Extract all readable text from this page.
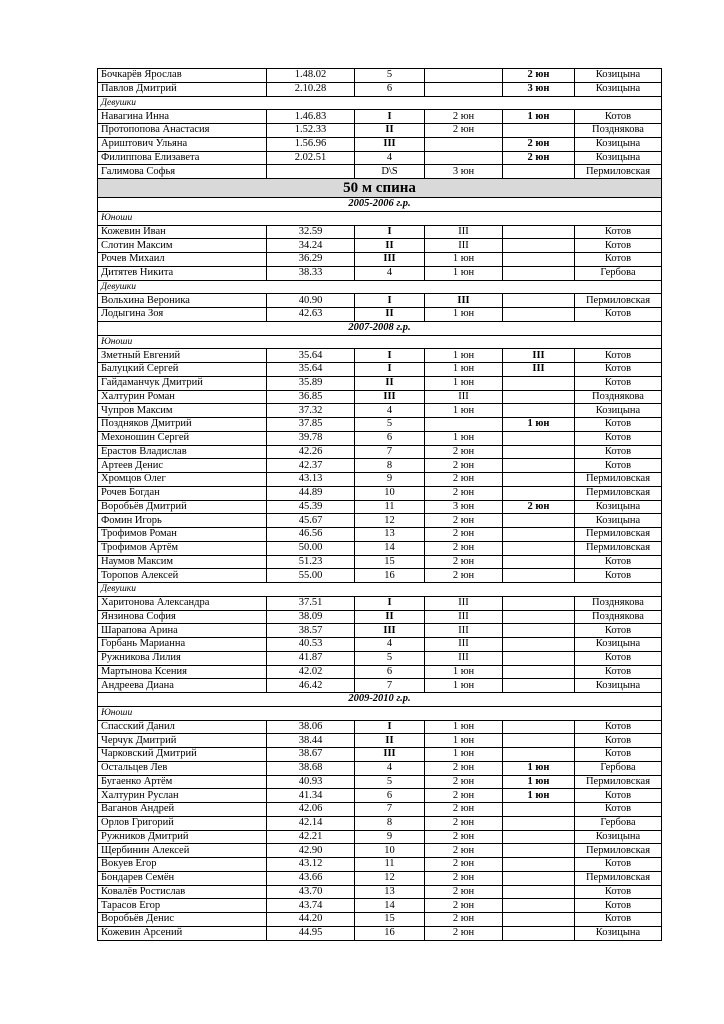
Бочкарёв Ярослав	1.48.02	5		2 юн	Козицына
Павлов Дмитрий	2.10.28	6		3 юн	Козицына
Девушки					
Навагина Инна	1.46.83	I	2 юн	1 юн	Котов
Протопопова Анастасия	1.52.33	II	2 юн		Позднякова
Ариштович Ульяна	1.56.96	III		2 юн	Козицына
Филиппова Елизавета	2.02.51	4		2 юн	Козицына
Галимова Софья		D\S	3 юн		Пермиловская
50 м спина					
2005-2006 г.р.					
Юноши					
Кожевин Иван	32.59	I	III		Котов
Слотин Максим	34.24	II	III		Котов
Рочев Михаил	36.29	III	1 юн		Котов
Дитятев Никита	38.33	4	1 юн		Гербова
Девушки					
Вольхина Вероника	40.90	I	III		Пермиловская
Лодыгина Зоя	42.63	II	1 юн		Котов
2007-2008 г.р.					
Юноши					
Зметный Евгений	35.64	I	1 юн	III	Котов
Балуцкий Сергей	35.64	I	1 юн	III	Котов
Гайдаманчук Дмитрий	35.89	II	1 юн		Котов
Халтурин Роман	36.85	III	III		Позднякова
Чупров Максим	37.32	4	1 юн		Козицына
Поздняков Дмитрий	37.85	5		1 юн	Котов
Мехоношин Сергей	39.78	6	1 юн		Котов
Ерастов Владислав	42.26	7	2 юн		Котов
Артеев Денис	42.37	8	2 юн		Котов
Хромцов Олег	43.13	9	2 юн		Пермиловская
Рочев Богдан	44.89	10	2 юн		Пермиловская
Воробьёв Дмитрий	45.39	11	3 юн	2 юн	Козицына
Фомин Игорь	45.67	12	2 юн		Козицына
Трофимов Роман	46.56	13	2 юн		Пермиловская
Трофимов Артём	50.00	14	2 юн		Пермиловская
Наумов Максим	51.23	15	2 юн		Котов
Торопов Алексей	55.00	16	2 юн		Котов
Девушки					
Харитонова Александра	37.51	I	III		Позднякова
Янзинова София	38.09	II	III		Позднякова
Шарапова Арина	38.57	III	III		Котов
Горбань Марианна	40.53	4	III		Козицына
Ружникова Лилия	41.87	5	III		Котов
Мартынова Ксения	42.02	6	1 юн		Котов
Андреева Диана	46.42	7	1 юн		Козицына
2009-2010 г.р.					
Юноши					
Спасский Данил	38.06	I	1 юн		Котов
Черчук Дмитрий	38.44	II	1 юн		Котов
Чарковский Дмитрий	38.67	III	1 юн		Котов
Остальцев Лев	38.68	4	2 юн	1 юн	Гербова
Бугаенко Артём	40.93	5	2 юн	1 юн	Пермиловская
Халтурин Руслан	41.34	6	2 юн	1 юн	Котов
Ваганов Андрей	42.06	7	2 юн		Котов
Орлов Григорий	42.14	8	2 юн		Гербова
Ружников Дмитрий	42.21	9	2 юн		Козицына
Щербинин Алексей	42.90	10	2 юн		Пермиловская
Вокуев Егор	43.12	11	2 юн		Котов
Бондарев Семён	43.66	12	2 юн		Пермиловская
Ковалёв Ростислав	43.70	13	2 юн		Котов
Тарасов Егор	43.74	14	2 юн		Котов
Воробьёв Денис	44.20	15	2 юн		Котов
Кожевин Арсений	44.95	16	2 юн		Козицына
